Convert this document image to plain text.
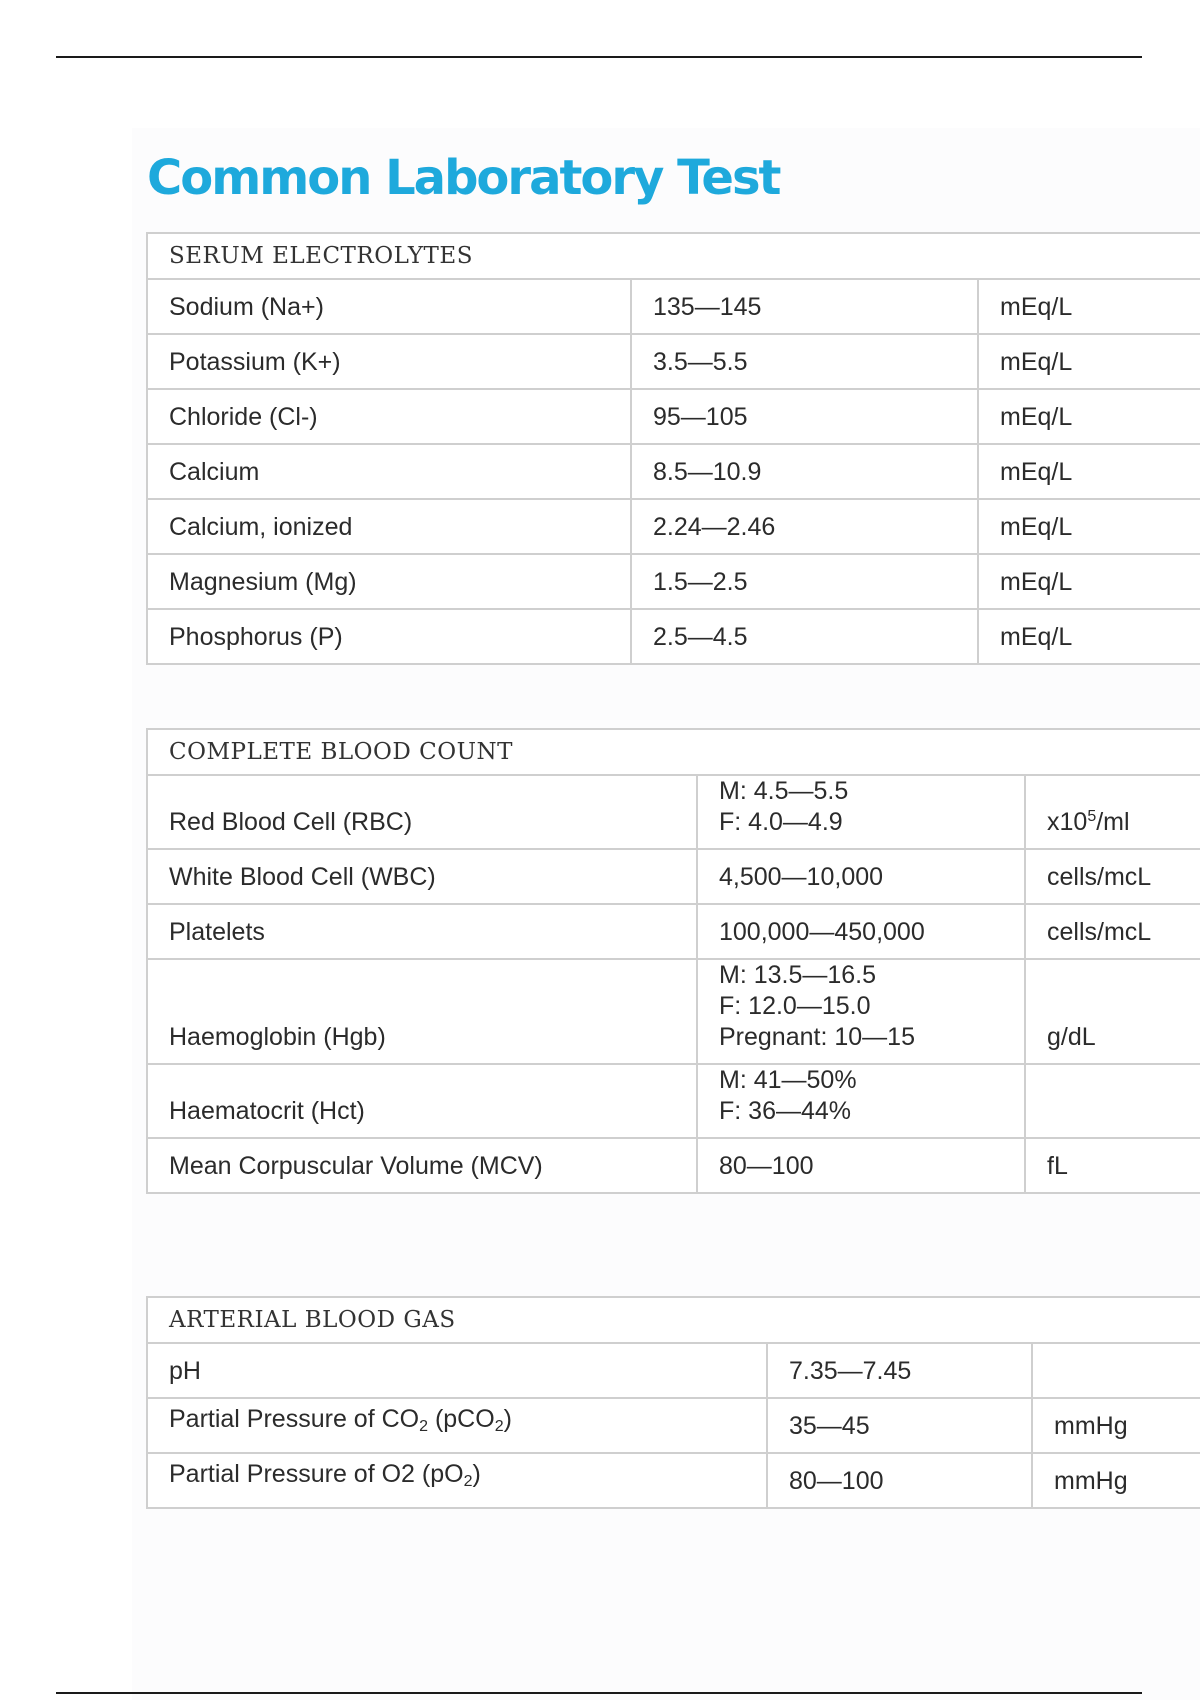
Common Laboratory Test
SERUM ELECTROLYTES		
Sodium (Na+)	135—145	mEq/L
Potassium (K+)	3.5—5.5	mEq/L
Chloride (Cl-)	95—105	mEq/L
Calcium	8.5—10.9	mEq/L
Calcium, ionized	2.24—2.46	mEq/L
Magnesium (Mg)	1.5—2.5	mEq/L
Phosphorus (P)	2.5—4.5	mEq/L
COMPLETE BLOOD COUNT		
Red Blood Cell (RBC)	M: 4.5—5.5
F: 4.0—4.9	$x10^5/ml$
White Blood Cell (WBC)	4,500—10,000	cells/mcL
Platelets	100,000—450,000	cells/mcL
Haemoglobin (Hgb)	M: 13.5—16.5
F: 12.0—15.0
Pregnant: 10—15	g/dL
Haematocrit (Hct)	M: 41—50%
F: 36—44%	

Mean Corpuscular Volume (MCV)	80—100	fL
ARTERIAL BLOOD GAS		
pH	7.35—7.45	
Partial Pressure of $CO_2$ (pCO$_2$)	35—45	mmHg
Partial Pressure of O2 $(pO_2)$	80—100	mmHg
